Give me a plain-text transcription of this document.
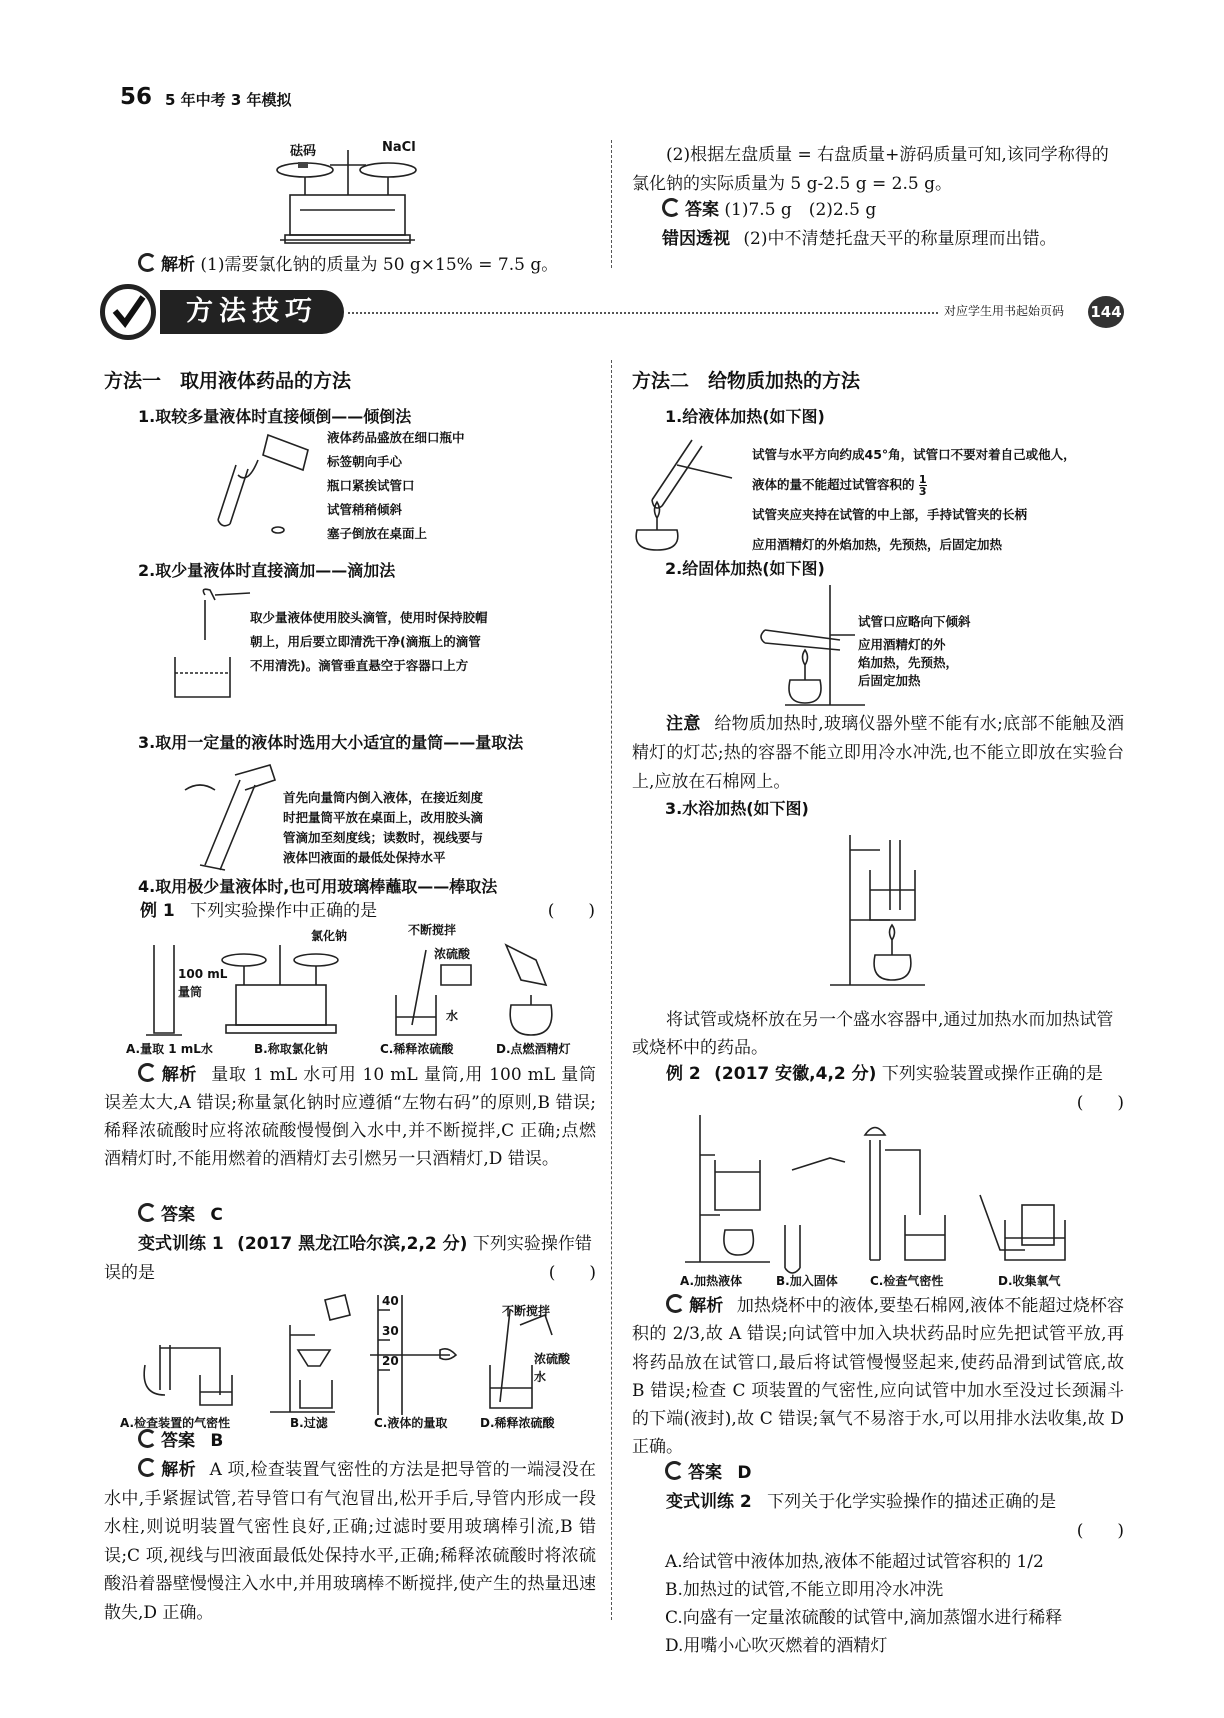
56 5 年中考 3 年模拟
砝码	NaCl
解析 (1)需要氯化钠的质量为 50 g×15% = 7.5 g。
(2)根据左盘质量 = 右盘质量+游码质量可知,该同学称得的氯化钠的实际质量为 5 g-2.5 g = 2.5 g。
答案 (1)7.5 g　(2)2.5 g
错因透视 (2)中不清楚托盘天平的称量原理而出错。
方法技巧	对应学生用书起始页码 144
方法一　取用液体药品的方法
1.取较多量液体时直接倾倒——倾倒法
液体药品盛放在细口瓶中
标签朝向手心
瓶口紧挨试管口
试管稍稍倾斜
塞子倒放在桌面上
2.取少量液体时直接滴加——滴加法
取少量液体使用胶头滴管，使用时保持胶帽
朝上，用后要立即清洗干净(滴瓶上的滴管
不用清洗)。滴管垂直悬空于容器口上方
3.取用一定量的液体时选用大小适宜的量筒——量取法
首先向量筒内倒入液体，在接近刻度
时把量筒平放在桌面上，改用胶头滴
管滴加至刻度线；读数时，视线要与
液体凹液面的最低处保持水平
4.取用极少量液体时,也可用玻璃棒蘸取——棒取法
例 1 下列实验操作中正确的是	(　　)
100 mL
量筒
氯化钠	不断搅拌
浓硫酸
水
A.量取 1 mL水	B.称取氯化钠	C.稀释浓硫酸	D.点燃酒精灯
解析 量取 1 mL 水可用 10 mL 量筒,用 100 mL 量筒误差太大,A 错误;称量氯化钠时应遵循“左物右码”的原则,B 错误;稀释浓硫酸时应将浓硫酸慢慢倒入水中,并不断搅拌,C 正确;点燃酒精灯时,不能用燃着的酒精灯去引燃另一只酒精灯,D 错误。
答案 C
变式训练 1 (2017 黑龙江哈尔滨,2,2 分) 下列实验操作错误的是	(　　)
40
30
20
不断搅拌
浓硫酸
水
A.检查装置的气密性	B.过滤	C.液体的量取	D.稀释浓硫酸
答案 B
解析 A 项,检查装置气密性的方法是把导管的一端浸没在水中,手紧握试管,若导管口有气泡冒出,松开手后,导管内形成一段水柱,则说明装置气密性良好,正确;过滤时要用玻璃棒引流,B 错误;C 项,视线与凹液面最低处保持水平,正确;稀释浓硫酸时将浓硫酸沿着器壁慢慢注入水中,并用玻璃棒不断搅拌,使产生的热量迅速散失,D 正确。
方法二　给物质加热的方法
1.给液体加热(如下图)
试管与水平方向约成45°角，试管口不要对着自己或他人，
液体的量不能超过试管容积的 $\frac{1}{3}$
试管夹应夹持在试管的中上部，手持试管夹的长柄
应用酒精灯的外焰加热，先预热，后固定加热
2.给固体加热(如下图)
试管口应略向下倾斜
应用酒精灯的外
焰加热，先预热，
后固定加热
注意 给物质加热时,玻璃仪器外壁不能有水;底部不能触及酒精灯的灯芯;热的容器不能立即用冷水冲洗,也不能立即放在实验台上,应放在石棉网上。
3.水浴加热(如下图)
将试管或烧杯放在另一个盛水容器中,通过加热水而加热试管或烧杯中的药品。
例 2 (2017 安徽,4,2 分) 下列实验装置或操作正确的是
(　　)
A.加热液体	B.加入固体	C.检查气密性	D.收集氧气
解析 加热烧杯中的液体,要垫石棉网,液体不能超过烧杯容积的 2/3,故 A 错误;向试管中加入块状药品时应先把试管平放,再将药品放在试管口,最后将试管慢慢竖起来,使药品滑到试管底,故 B 错误;检查 C 项装置的气密性,应向试管中加水至没过长颈漏斗的下端(液封),故 C 错误;氧气不易溶于水,可以用排水法收集,故 D 正确。
答案 D
变式训练 2 下列关于化学实验操作的描述正确的是
(　　)
A.给试管中液体加热,液体不能超过试管容积的 1/2
B.加热过的试管,不能立即用冷水冲洗
C.向盛有一定量浓硫酸的试管中,滴加蒸馏水进行稀释
D.用嘴小心吹灭燃着的酒精灯
